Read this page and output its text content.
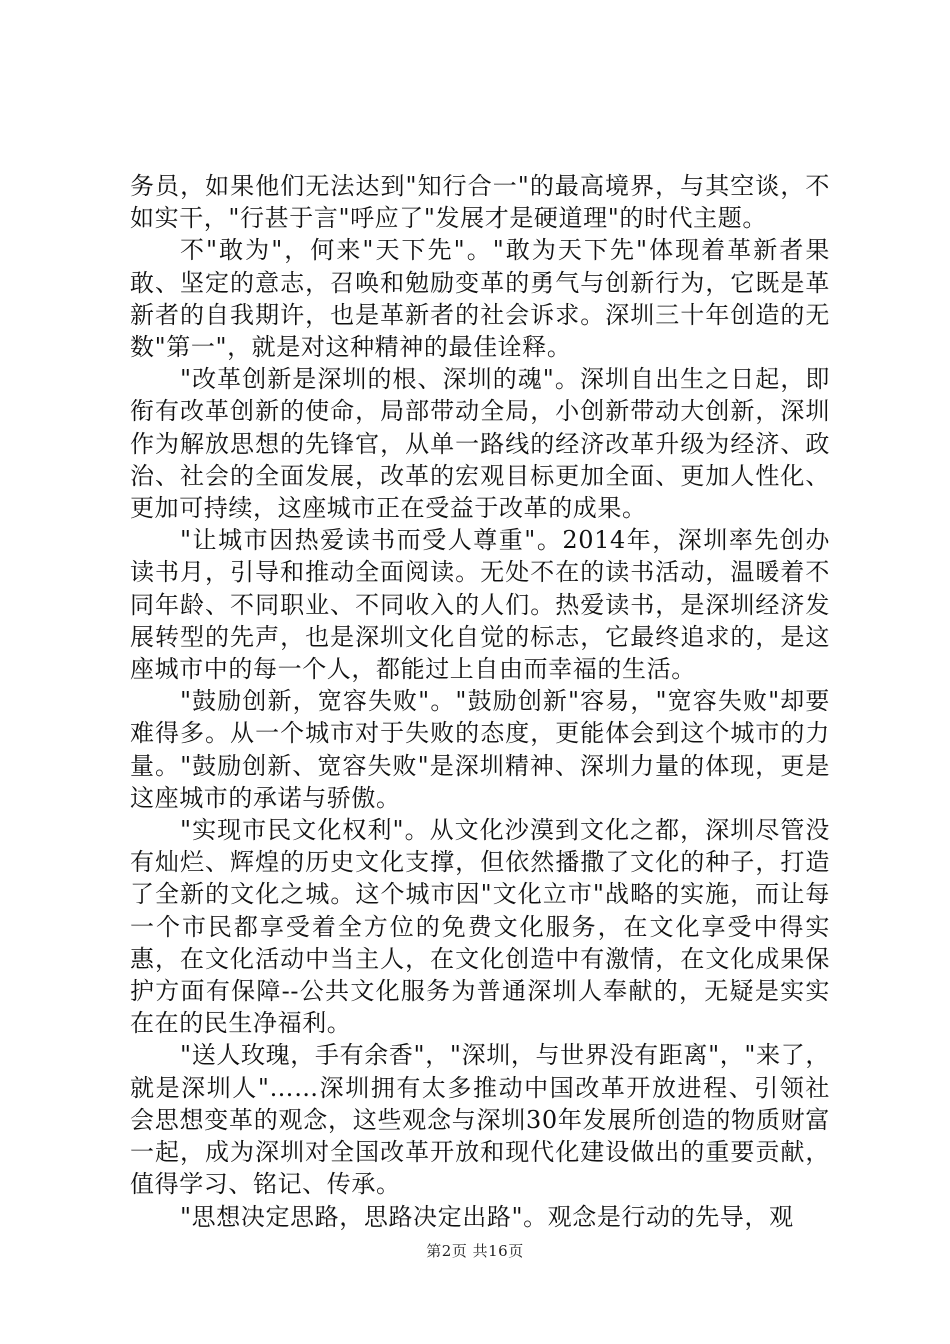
务员，如果他们无法达到"知行合一"的最高境界，与其空谈，不如实干，"行甚于言"呼应了"发展才是硬道理"的时代主题。

不"敢为"，何来"天下先"。"敢为天下先"体现着革新者果敢、坚定的意志，召唤和勉励变革的勇气与创新行为，它既是革新者的自我期许，也是革新者的社会诉求。深圳三十年创造的无数"第一"，就是对这种精神的最佳诠释。

"改革创新是深圳的根、深圳的魂"。深圳自出生之日起，即衔有改革创新的使命，局部带动全局，小创新带动大创新，深圳作为解放思想的先锋官，从单一路线的经济改革升级为经济、政治、社会的全面发展，改革的宏观目标更加全面、更加人性化、更加可持续，这座城市正在受益于改革的成果。

"让城市因热爱读书而受人尊重"。2014年，深圳率先创办读书月，引导和推动全面阅读。无处不在的读书活动，温暖着不同年龄、不同职业、不同收入的人们。热爱读书，是深圳经济发展转型的先声，也是深圳文化自觉的标志，它最终追求的，是这座城市中的每一个人，都能过上自由而幸福的生活。

"鼓励创新，宽容失败"。"鼓励创新"容易，"宽容失败"却要难得多。从一个城市对于失败的态度，更能体会到这个城市的力量。"鼓励创新、宽容失败"是深圳精神、深圳力量的体现，更是这座城市的承诺与骄傲。

"实现市民文化权利"。从文化沙漠到文化之都，深圳尽管没有灿烂、辉煌的历史文化支撑，但依然播撒了文化的种子，打造了全新的文化之城。这个城市因"文化立市"战略的实施，而让每一个市民都享受着全方位的免费文化服务，在文化享受中得实惠，在文化活动中当主人，在文化创造中有激情，在文化成果保护方面有保障--公共文化服务为普通深圳人奉献的，无疑是实实在在的民生净福利。

"送人玫瑰，手有余香"，"深圳，与世界没有距离"，"来了，就是深圳人"……深圳拥有太多推动中国改革开放进程、引领社会思想变革的观念，这些观念与深圳30年发展所创造的物质财富一起，成为深圳对全国改革开放和现代化建设做出的重要贡献，值得学习、铭记、传承。

"思想决定思路，思路决定出路"。观念是行动的先导，观

第2页 共16页
